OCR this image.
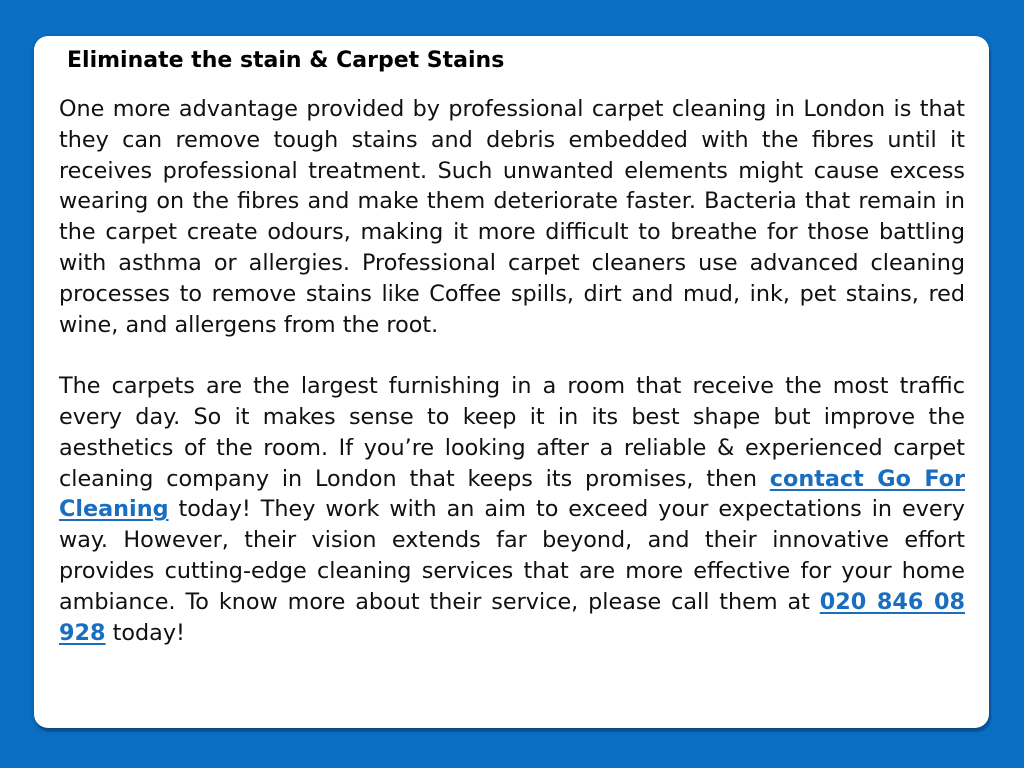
Eliminate the stain & Carpet Stains

One more advantage provided by professional carpet cleaning in London is that they can remove tough stains and debris embedded with the fibres until it receives professional treatment. Such unwanted elements might cause excess wearing on the fibres and make them deteriorate faster. Bacteria that remain in the carpet create odours, making it more difficult to breathe for those battling with asthma or allergies. Professional carpet cleaners use advanced cleaning processes to remove stains like Coffee spills, dirt and mud, ink, pet stains, red wine, and allergens from the root.

The carpets are the largest furnishing in a room that receive the most traffic every day. So it makes sense to keep it in its best shape but improve the aesthetics of the room. If you’re looking after a reliable & experienced carpet cleaning company in London that keeps its promises, then contact Go For Cleaning today! They work with an aim to exceed your expectations in every way. However, their vision extends far beyond, and their innovative effort provides cutting-edge cleaning services that are more effective for your home ambiance. To know more about their service, please call them at 020 846 08 928 today!
